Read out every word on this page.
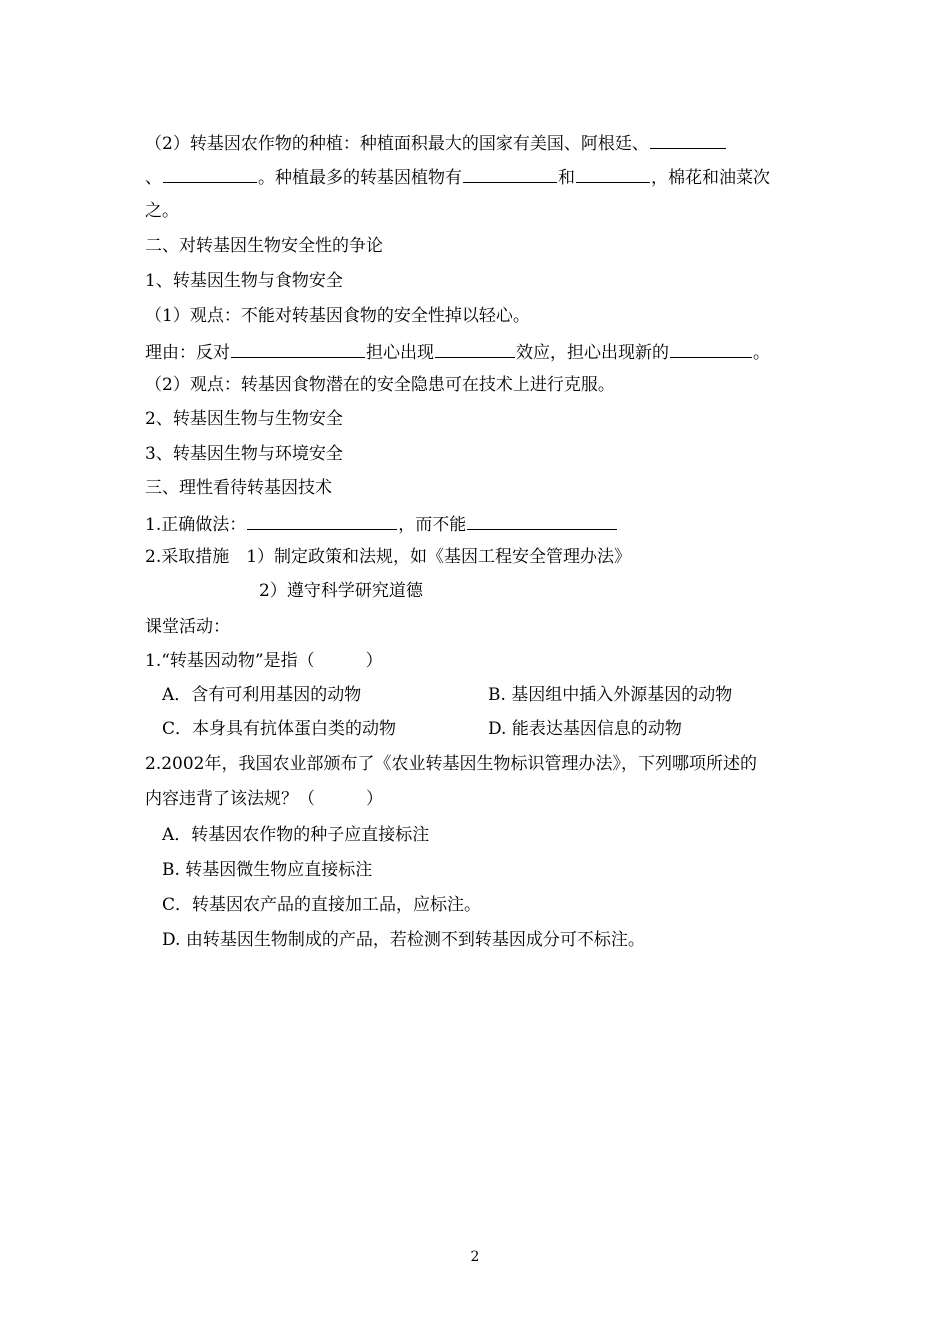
（2）转基因农作物的种植：种植面积最大的国家有美国、阿根廷、
、	。种植最多的转基因植物有	和	，棉花和油菜次
之。
二、对转基因生物安全性的争论
1、转基因生物与食物安全
（1）观点：不能对转基因食物的安全性掉以轻心。
理由：反对	担心出现	效应，担心出现新的	。
（2）观点：转基因食物潜在的安全隐患可在技术上进行克服。
2、转基因生物与生物安全
3、转基因生物与环境安全
三、理性看待转基因技术
1.正确做法：	，而不能
2.采取措施　1）制定政策和法规，如《基因工程安全管理办法》
2）遵守科学研究道德
课堂活动：
1.“转基因动物”是指（　　　）
A．含有可利用基因的动物	B. 基因组中插入外源基因的动物
C．本身具有抗体蛋白类的动物	D. 能表达基因信息的动物
2.2002年，我国农业部颁布了《农业转基因生物标识管理办法》，下列哪项所述的
内容违背了该法规？（　　　）
A．转基因农作物的种子应直接标注
B. 转基因微生物应直接标注
C．转基因农产品的直接加工品，应标注。
D. 由转基因生物制成的产品，若检测不到转基因成分可不标注。
2
